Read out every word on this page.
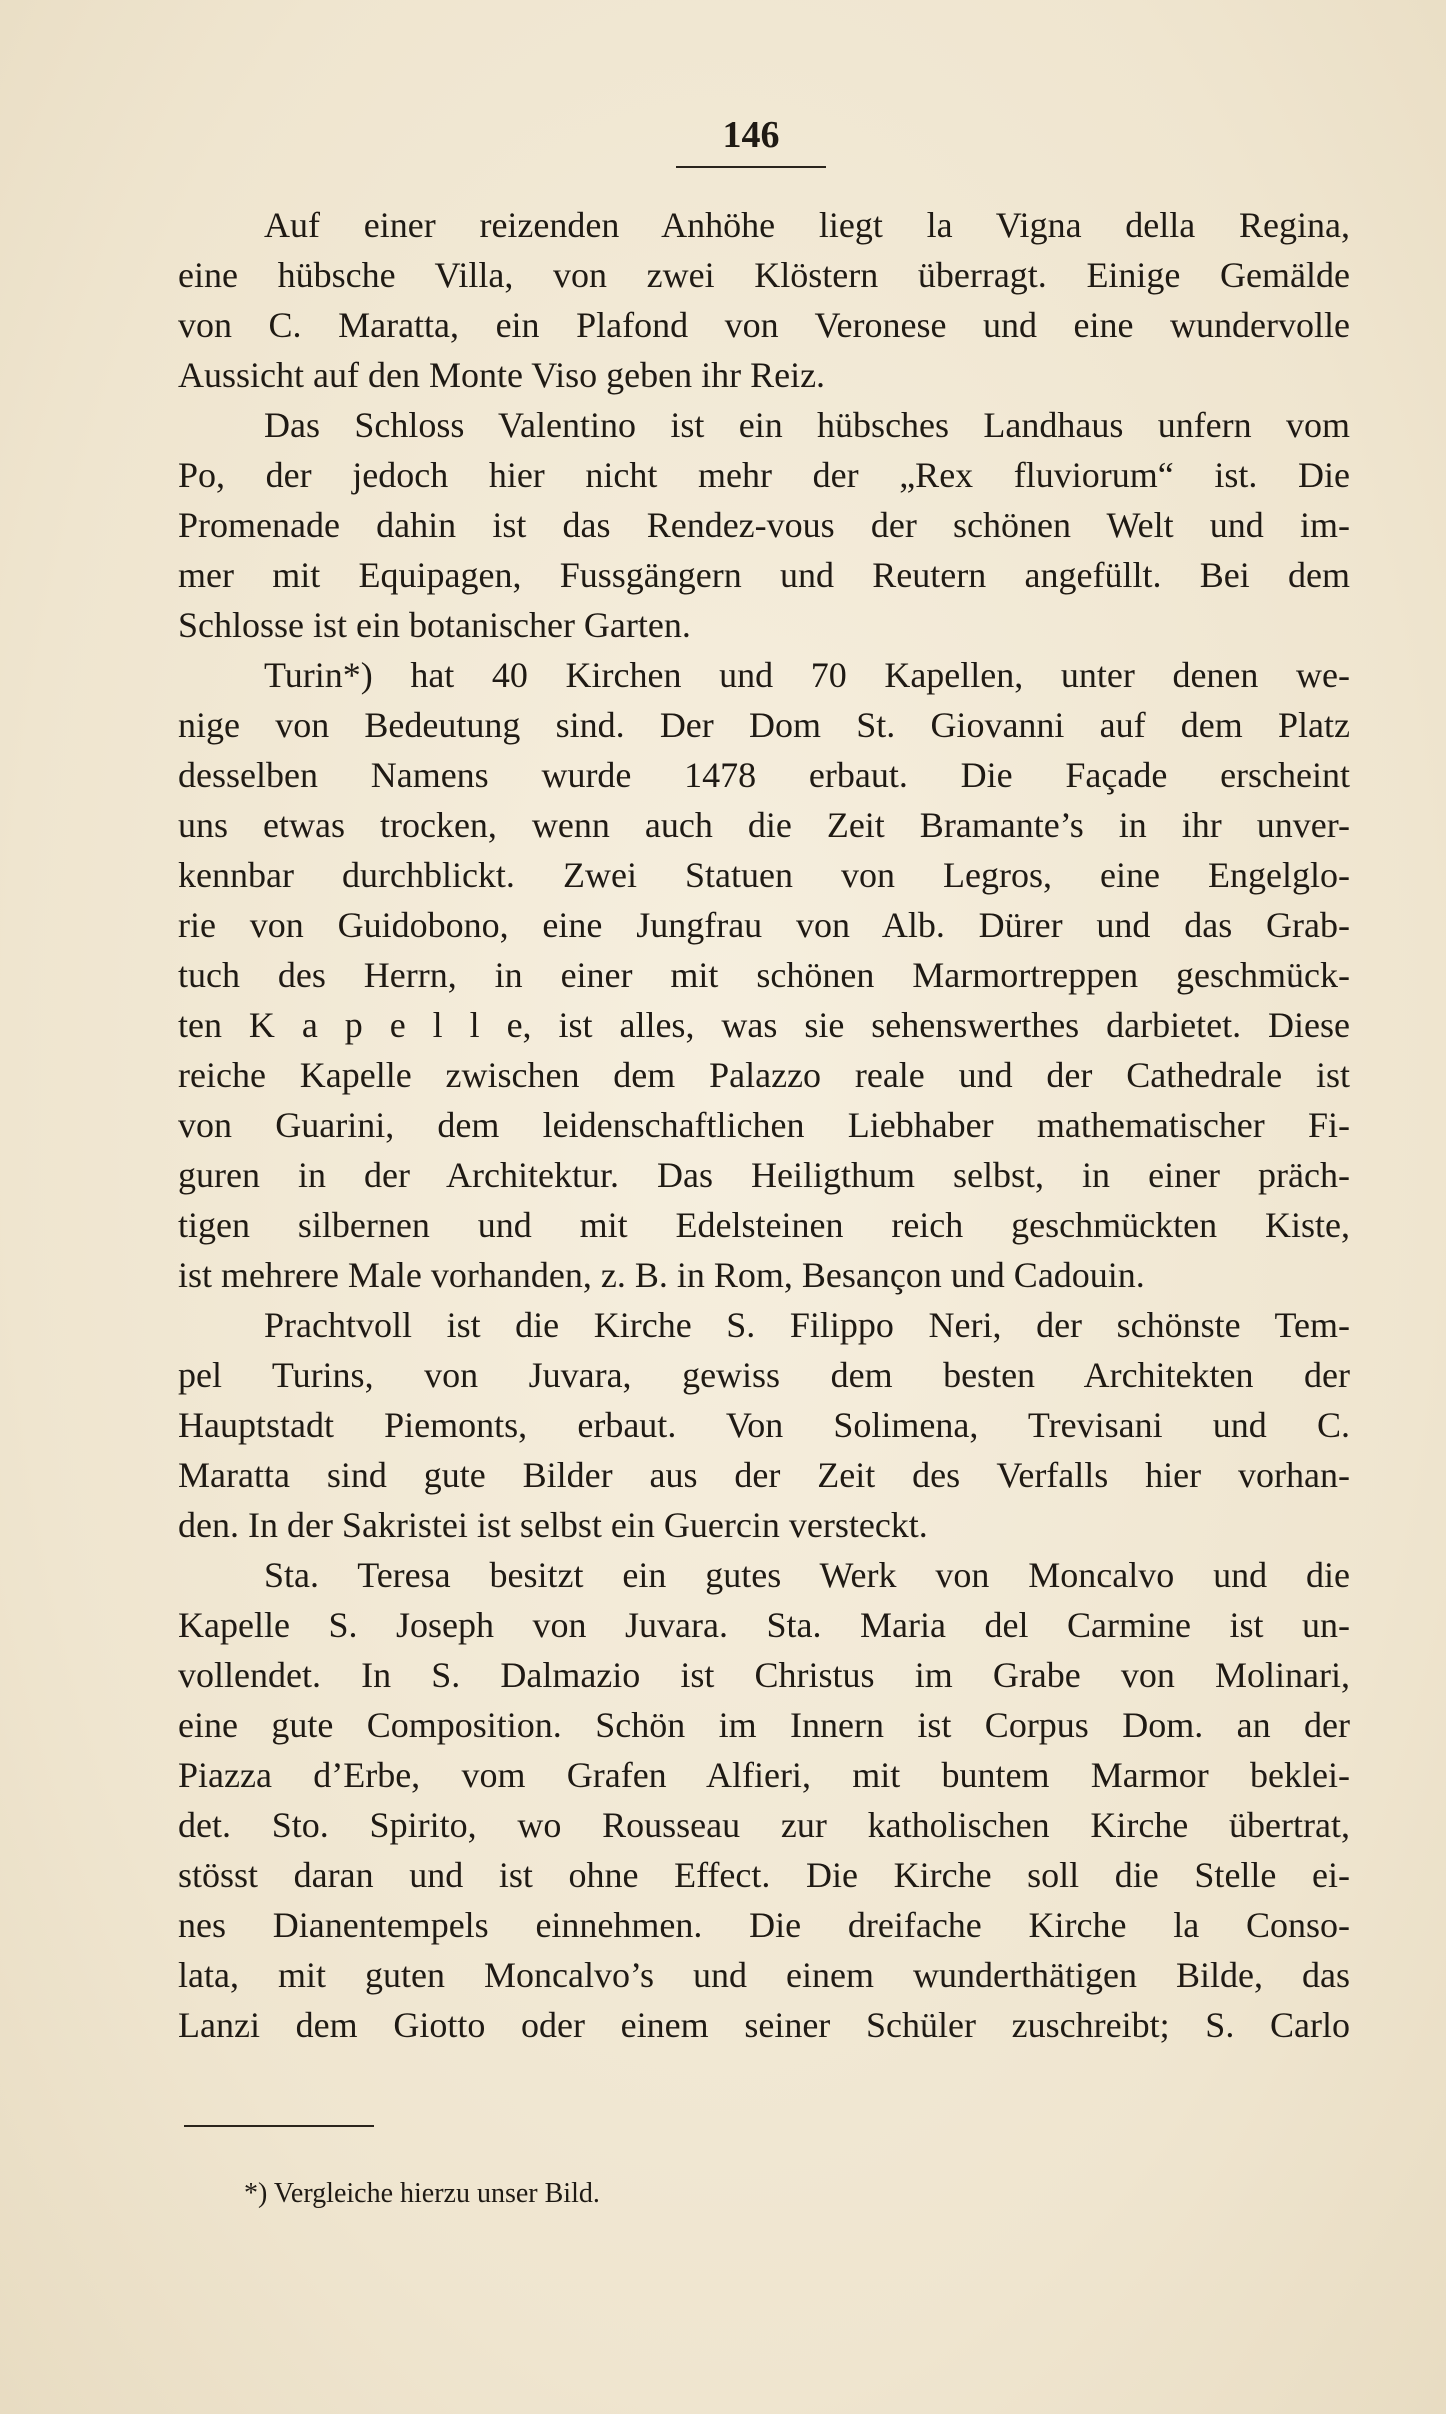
146
Auf einer reizenden Anhöhe liegt la Vigna della Regina,
eine hübsche Villa, von zwei Klöstern überragt. Einige Gemälde
von C. Maratta, ein Plafond von Veronese und eine wundervolle
Aussicht auf den Monte Viso geben ihr Reiz.
Das Schloss Valentino ist ein hübsches Landhaus unfern vom
Po, der jedoch hier nicht mehr der „Rex fluviorum“ ist. Die
Promenade dahin ist das Rendez-vous der schönen Welt und im-
mer mit Equipagen, Fussgängern und Reutern angefüllt. Bei dem
Schlosse ist ein botanischer Garten.
Turin*) hat 40 Kirchen und 70 Kapellen, unter denen we-
nige von Bedeutung sind. Der Dom St. Giovanni auf dem Platz
desselben Namens wurde 1478 erbaut. Die Façade erscheint
uns etwas trocken, wenn auch die Zeit Bramante’s in ihr unver-
kennbar durchblickt. Zwei Statuen von Legros, eine Engelglo-
rie von Guidobono, eine Jungfrau von Alb. Dürer und das Grab-
tuch des Herrn, in einer mit schönen Marmortreppen geschmück-
ten K a p e l l e, ist alles, was sie sehenswerthes darbietet. Diese
reiche Kapelle zwischen dem Palazzo reale und der Cathedrale ist
von Guarini, dem leidenschaftlichen Liebhaber mathematischer Fi-
guren in der Architektur. Das Heiligthum selbst, in einer präch-
tigen silbernen und mit Edelsteinen reich geschmückten Kiste,
ist mehrere Male vorhanden, z. B. in Rom, Besançon und Cadouin.
Prachtvoll ist die Kirche S. Filippo Neri, der schönste Tem-
pel Turins, von Juvara, gewiss dem besten Architekten der
Hauptstadt Piemonts, erbaut. Von Solimena, Trevisani und C.
Maratta sind gute Bilder aus der Zeit des Verfalls hier vorhan-
den. In der Sakristei ist selbst ein Guercin versteckt.
Sta. Teresa besitzt ein gutes Werk von Moncalvo und die
Kapelle S. Joseph von Juvara. Sta. Maria del Carmine ist un-
vollendet. In S. Dalmazio ist Christus im Grabe von Molinari,
eine gute Composition. Schön im Innern ist Corpus Dom. an der
Piazza d’Erbe, vom Grafen Alfieri, mit buntem Marmor beklei-
det. Sto. Spirito, wo Rousseau zur katholischen Kirche übertrat,
stösst daran und ist ohne Effect. Die Kirche soll die Stelle ei-
nes Dianentempels einnehmen. Die dreifache Kirche la Conso-
lata, mit guten Moncalvo’s und einem wunderthätigen Bilde, das
Lanzi dem Giotto oder einem seiner Schüler zuschreibt; S. Carlo
*) Vergleiche hierzu unser Bild.
